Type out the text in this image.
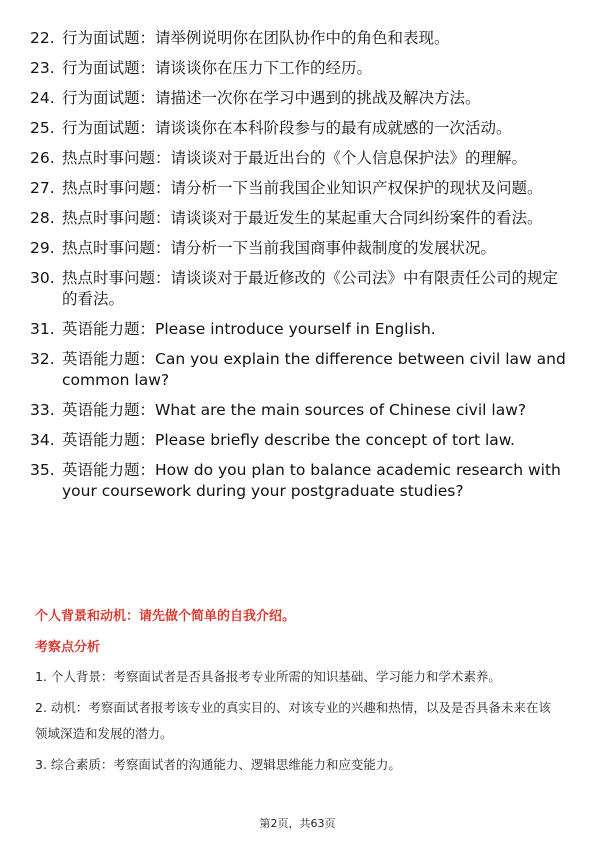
22. 行为面试题：请举例说明你在团队协作中的角色和表现。
23. 行为面试题：请谈谈你在压力下工作的经历。
24. 行为面试题：请描述一次你在学习中遇到的挑战及解决方法。
25. 行为面试题：请谈谈你在本科阶段参与的最有成就感的一次活动。
26. 热点时事问题：请谈谈对于最近出台的《个人信息保护法》的理解。
27. 热点时事问题：请分析一下当前我国企业知识产权保护的现状及问题。
28. 热点时事问题：请谈谈对于最近发生的某起重大合同纠纷案件的看法。
29. 热点时事问题：请分析一下当前我国商事仲裁制度的发展状况。
30. 热点时事问题：请谈谈对于最近修改的《公司法》中有限责任公司的规定的看法。
31. 英语能力题：Please introduce yourself in English.
32. 英语能力题：Can you explain the difference between civil law and common law?
33. 英语能力题：What are the main sources of Chinese civil law?
34. 英语能力题：Please briefly describe the concept of tort law.
35. 英语能力题：How do you plan to balance academic research with your coursework during your postgraduate studies?
个人背景和动机：请先做个简单的自我介绍。
考察点分析
1. 个人背景：考察面试者是否具备报考专业所需的知识基础、学习能力和学术素养。
2. 动机：考察面试者报考该专业的真实目的、对该专业的兴趣和热情，以及是否具备未来在该领域深造和发展的潜力。
3. 综合素质：考察面试者的沟通能力、逻辑思维能力和应变能力。
第2页，共63页
